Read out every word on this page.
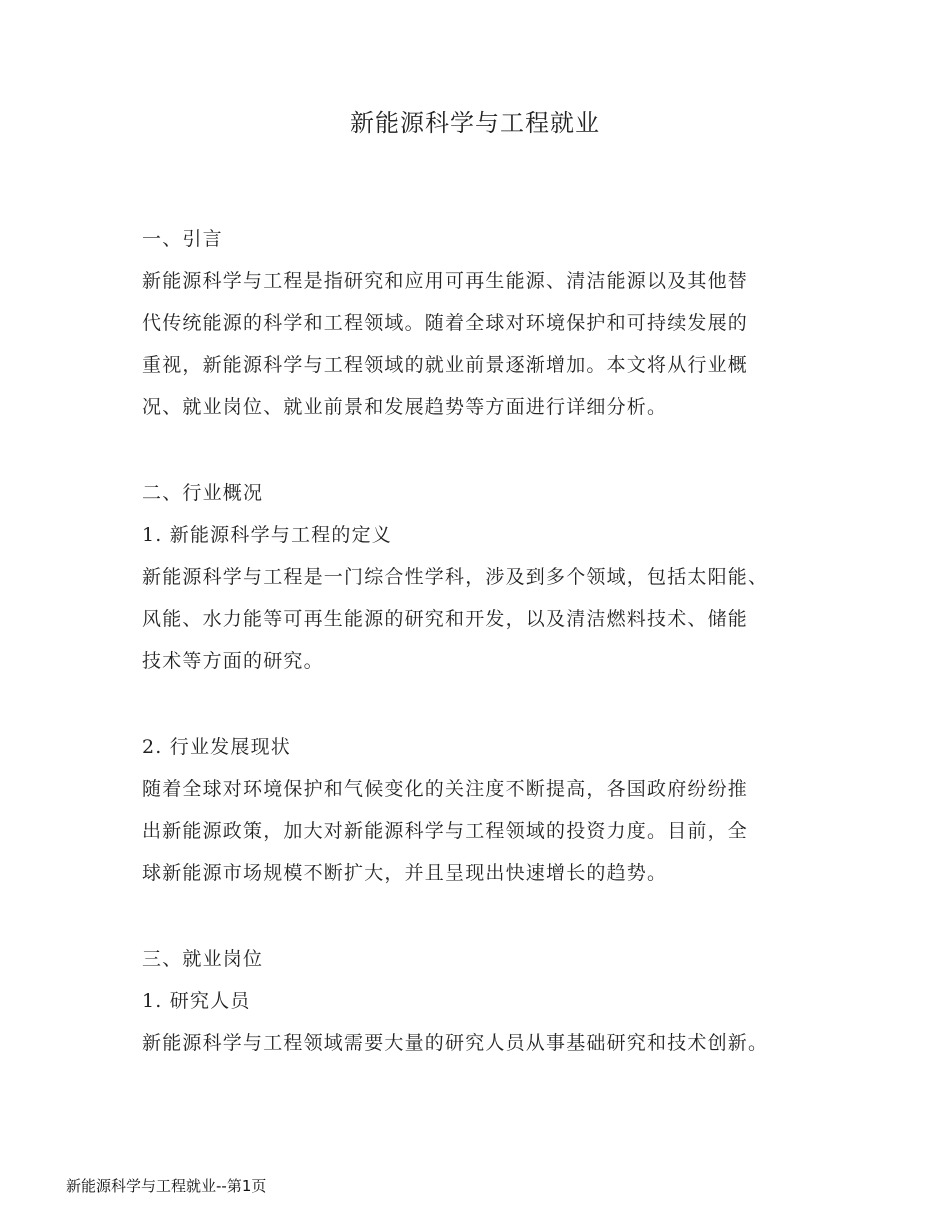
新能源科学与工程就业
一、引言
新能源科学与工程是指研究和应用可再生能源、清洁能源以及其他替
代传统能源的科学和工程领域。随着全球对环境保护和可持续发展的
重视，新能源科学与工程领域的就业前景逐渐增加。本文将从行业概
况、就业岗位、就业前景和发展趋势等方面进行详细分析。
二、行业概况
1. 新能源科学与工程的定义
新能源科学与工程是一门综合性学科，涉及到多个领域，包括太阳能、
风能、水力能等可再生能源的研究和开发，以及清洁燃料技术、储能
技术等方面的研究。
2. 行业发展现状
随着全球对环境保护和气候变化的关注度不断提高，各国政府纷纷推
出新能源政策，加大对新能源科学与工程领域的投资力度。目前，全
球新能源市场规模不断扩大，并且呈现出快速增长的趋势。
三、就业岗位
1. 研究人员
新能源科学与工程领域需要大量的研究人员从事基础研究和技术创新。
新能源科学与工程就业--第1页
